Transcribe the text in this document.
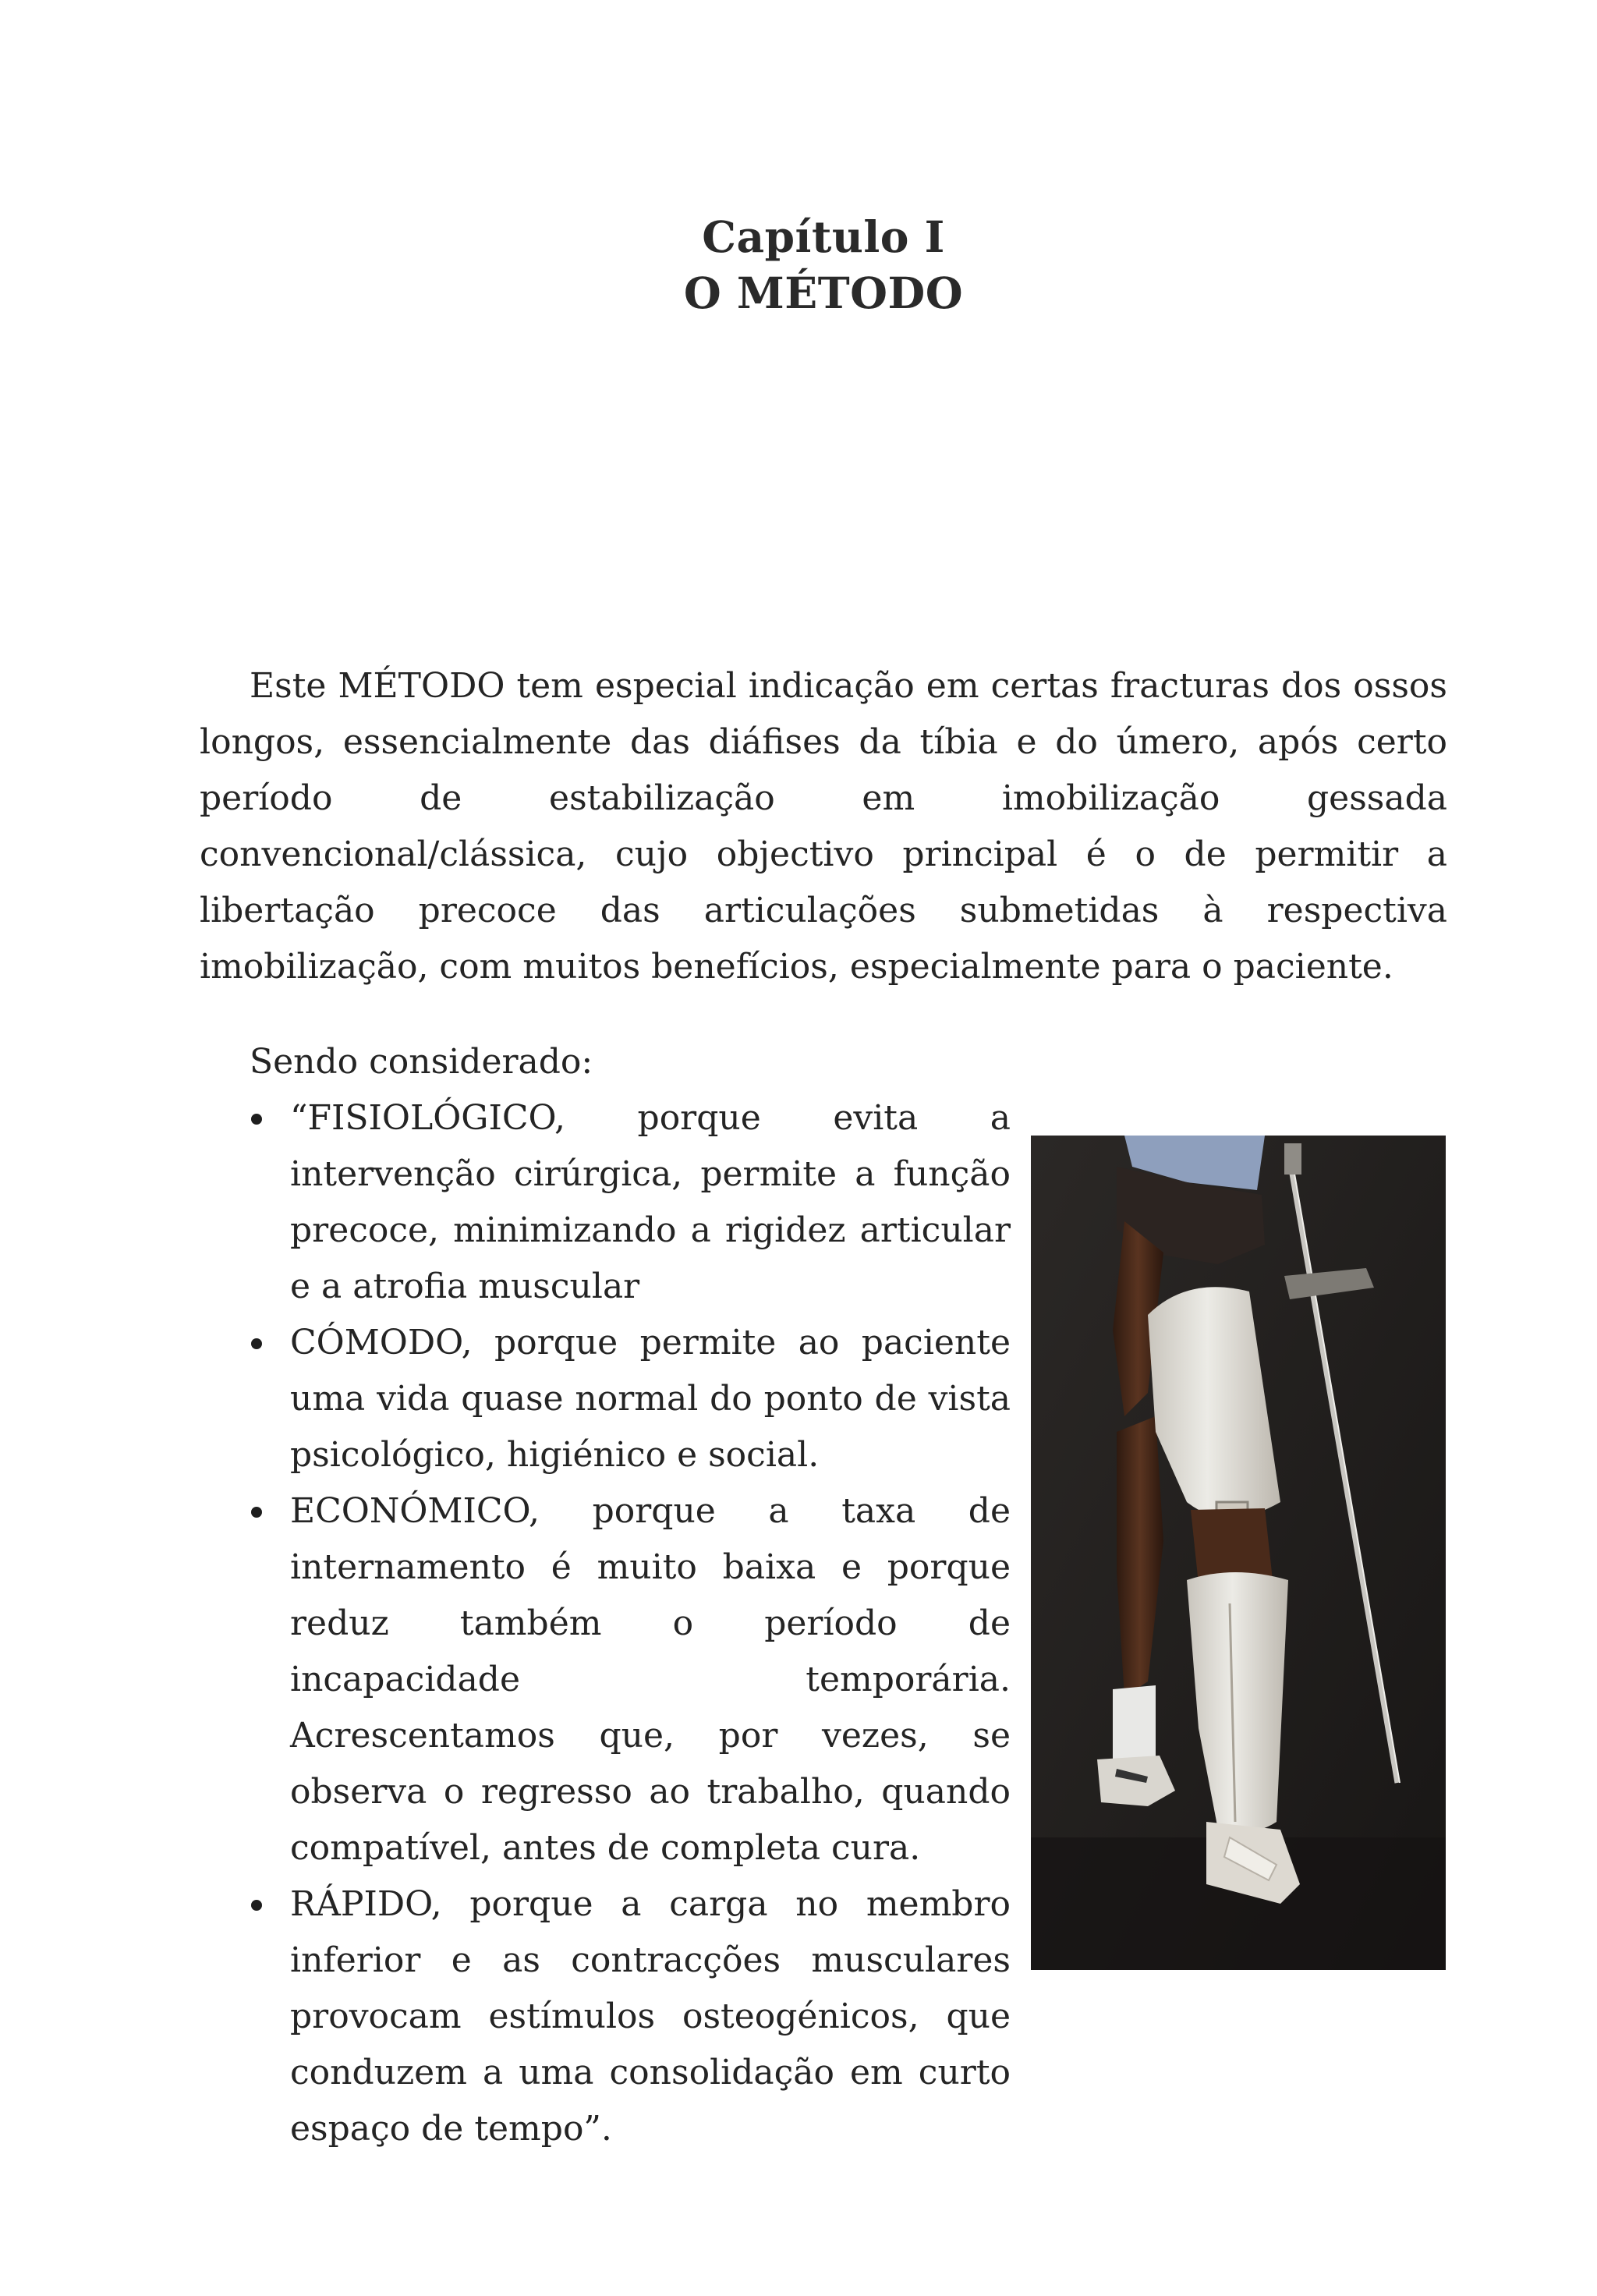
Capítulo I
O MÉTODO

Este MÉTODO tem especial indicação em certas fracturas dos ossos longos, essencialmente das diáfises da tíbia e do úmero, após certo período de estabilização em imobilização gessada convencional/clássica, cujo objectivo principal é o de permitir a libertação precoce das articulações submetidas à respectiva imobilização, com muitos benefícios, especialmente para o paciente.

Sendo considerado:

“FISIOLÓGICO, porque evita a intervenção cirúrgica, permite a função precoce, minimizando a rigidez articular e a atrofia muscular
CÓMODO, porque permite ao paciente uma vida quase normal do ponto de vista psicológico, higiénico e social.
ECONÓMICO, porque a taxa de internamento é muito baixa e porque reduz também o período de incapacidade temporária. Acrescentamos que, por vezes, se observa o regresso ao trabalho, quando compatível, antes de completa cura.
RÁPIDO, porque a carga no membro inferior e as contracções musculares provocam estímulos osteogénicos, que conduzem a uma consolidação em curto espaço de tempo”.
